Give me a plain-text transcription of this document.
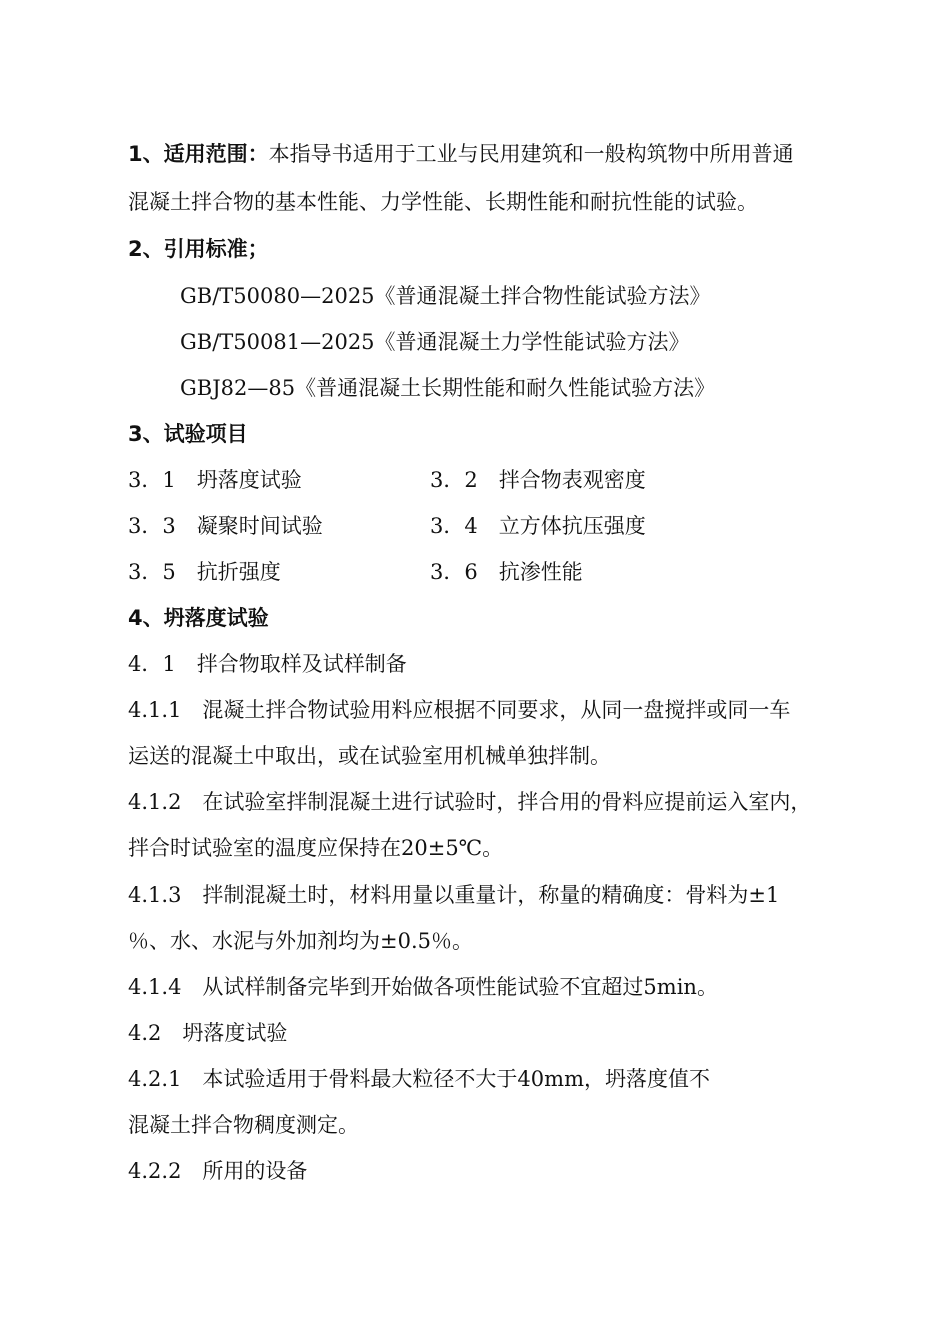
1、适用范围：本指导书适用于工业与民用建筑和一般构筑物中所用普通
混凝土拌合物的基本性能、力学性能、长期性能和耐抗性能的试验。
2、引用标准；
GB/T50080—2025《普通混凝土拌合物性能试验方法》
GB/T50081—2025《普通混凝土力学性能试验方法》
GBJ82—85《普通混凝土长期性能和耐久性能试验方法》
3、试验项目
3．1　坍落度试验	3．2　拌合物表观密度
3．3　凝聚时间试验	3．4　立方体抗压强度
3．5　抗折强度	3．6　抗渗性能
4、坍落度试验
4．1　拌合物取样及试样制备
4.1.1　混凝土拌合物试验用料应根据不同要求，从同一盘搅拌或同一车
运送的混凝土中取出，或在试验室用机械单独拌制。
4.1.2　在试验室拌制混凝土进行试验时，拌合用的骨料应提前运入室内，
拌合时试验室的温度应保持在20±5℃。
4.1.3　拌制混凝土时，材料用量以重量计，称量的精确度：骨料为±1
％、水、水泥与外加剂均为±0.5％。
4.1.4　从试样制备完毕到开始做各项性能试验不宜超过5min。
4.2　坍落度试验
4.2.1　本试验适用于骨料最大粒径不大于40mm，坍落度值不
混凝土拌合物稠度测定。
4.2.2　所用的设备
